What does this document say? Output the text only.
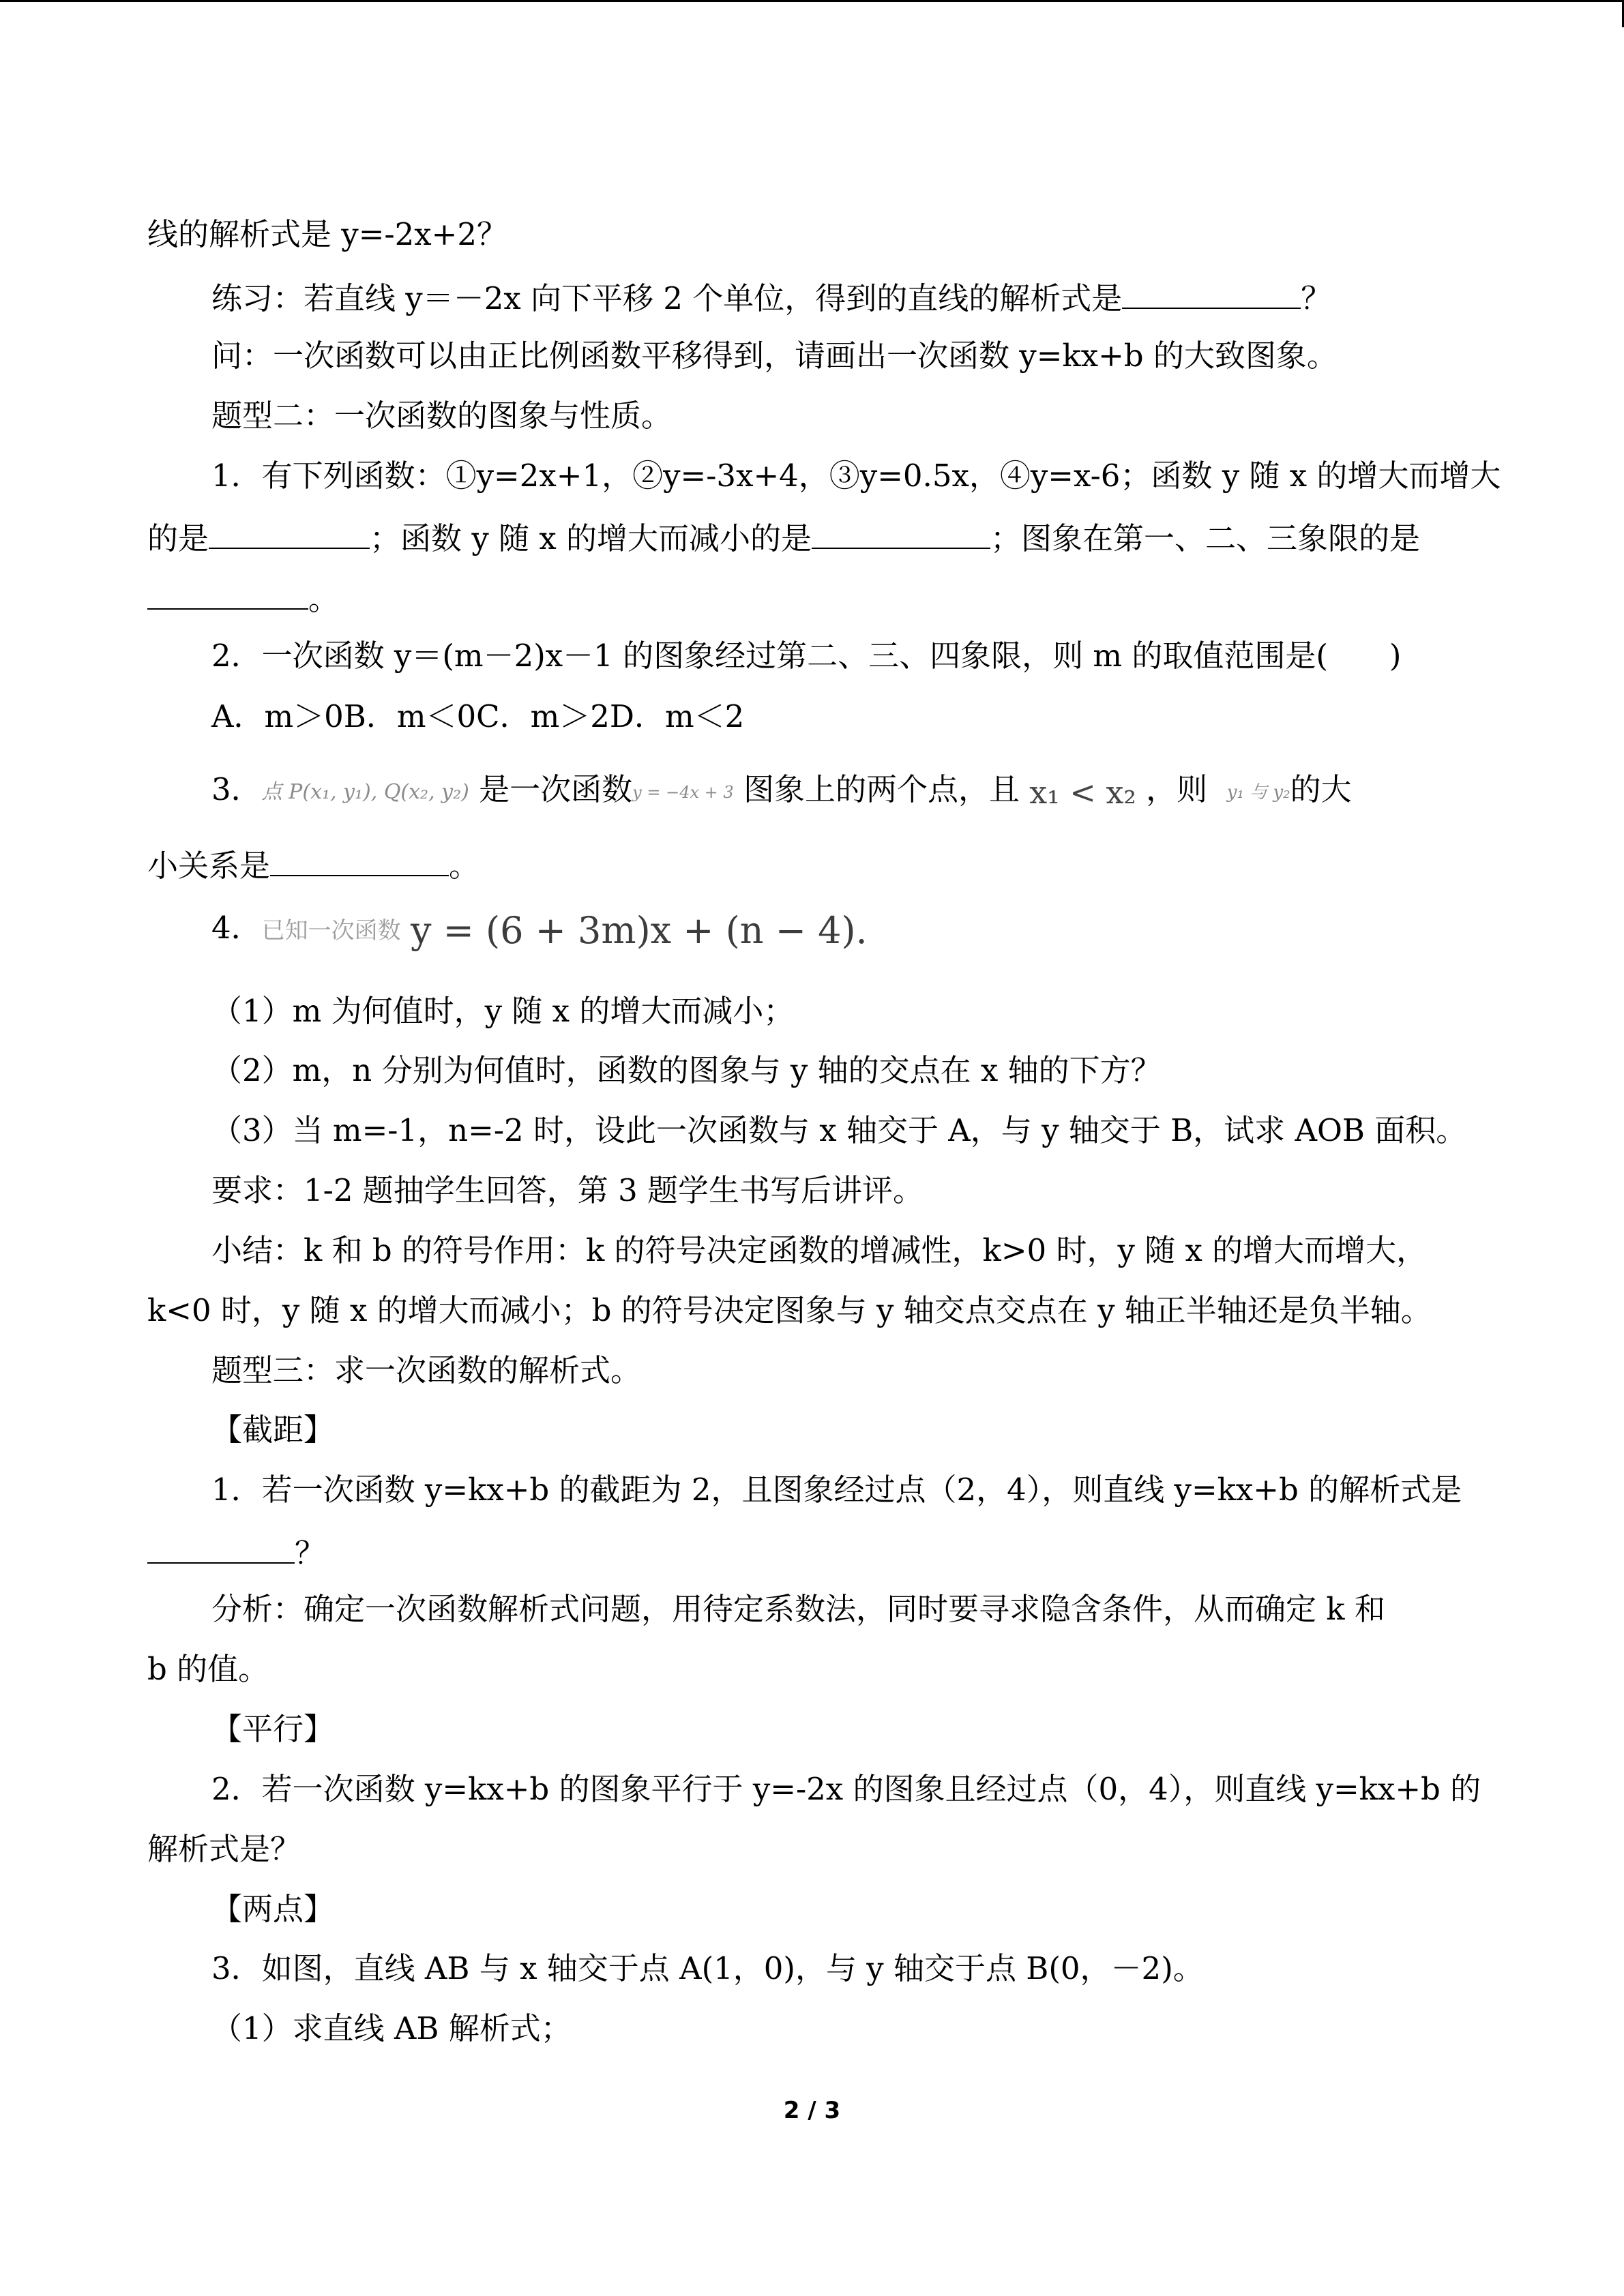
线的解析式是 y=-2x+2？
练习：若直线 y＝－2x 向下平移 2 个单位，得到的直线的解析式是	？
问：一次函数可以由正比例函数平移得到，请画出一次函数 y=kx+b 的大致图象。
题型二：一次函数的图象与性质。
1．有下列函数：①y=2x+1，②y=-3x+4，③y=0.5x，④y=x-6；函数 y 随 x 的增大而增大
的是	；函数 y 随 x 的增大而减小的是	；图象在第一、二、三象限的是
。
2．一次函数 y＝(m－2)x－1 的图象经过第二、三、四象限，则 m 的取值范围是(　　)
A．m＞0B．m＜0C．m＞2D．m＜2
3．点 P(x₁, y₁), Q(x₂, y₂) 是一次函数y = −4x + 3 图象上的两个点，且 x₁ < x₂ ，则 y₁ 与 y₂的大
小关系是	。
4．已知一次函数 y = (6 + 3m)x + (n − 4).
（1）m 为何值时，y 随 x 的增大而减小；
（2）m，n 分别为何值时，函数的图象与 y 轴的交点在 x 轴的下方？
（3）当 m=-1，n=-2 时，设此一次函数与 x 轴交于 A，与 y 轴交于 B，试求 AOB 面积。
要求：1-2 题抽学生回答，第 3 题学生书写后讲评。
小结：k 和 b 的符号作用：k 的符号决定函数的增减性，k>0 时，y 随 x 的增大而增大，
k<0 时，y 随 x 的增大而减小；b 的符号决定图象与 y 轴交点交点在 y 轴正半轴还是负半轴。
题型三：求一次函数的解析式。
【截距】
1．若一次函数 y=kx+b 的截距为 2，且图象经过点（2，4），则直线 y=kx+b 的解析式是
？
分析：确定一次函数解析式问题，用待定系数法，同时要寻求隐含条件，从而确定 k 和
b 的值。
【平行】
2．若一次函数 y=kx+b 的图象平行于 y=-2x 的图象且经过点（0，4），则直线 y=kx+b 的
解析式是？
【两点】
3．如图，直线 AB 与 x 轴交于点 A(1，0)，与 y 轴交于点 B(0，－2)。
（1）求直线 AB 解析式；
2 / 3
